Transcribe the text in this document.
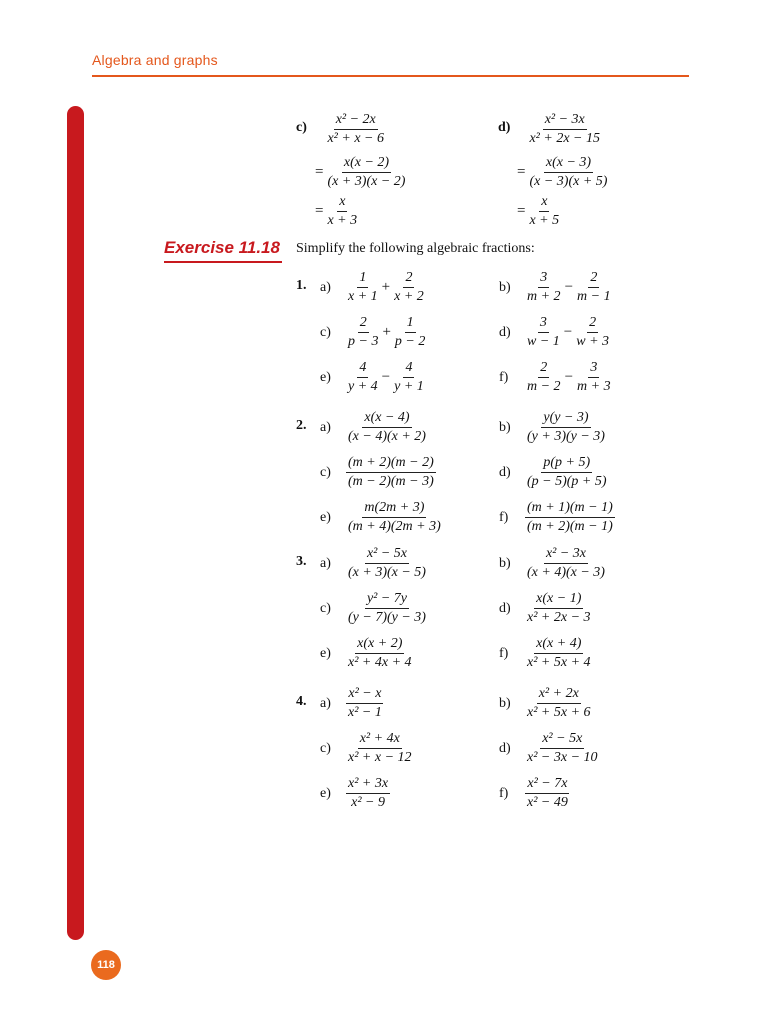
Algebra and graphs
118
$c) \frac{\text{x² − 2x}}{\text{x² + x − 6}}$
= $\frac{x(x - 2)}{(x + 3)(x - 2)}$
= $\frac{x}{x + 3}$
$d) \frac{\text{x² − 3x}}{\text{x² + 2x − 15}}$
= $\frac{x(x - 3)}{(x - 3)(x + 5)}$
= $\frac{x}{x + 5}$
Exercise 11.18 Simplify the following algebraic fractions:
1. a)	$\frac{1}{x + 1} + \frac{2}{x + 2}$	b)	$\frac{3}{m + 2} - \frac{2}{m - 1}$
c)	$\frac{2}{p - 3} + \frac{1}{p - 2}$	d)	$\frac{3}{w - 1} - \frac{2}{w + 3}$
e)	$\frac{4}{y + 4} - \frac{4}{y + 1}$	f)	$\frac{2}{m - 2} - \frac{3}{m + 3}$
2. a)	$\frac{x(x - 4)}{(x - 4)(x + 2)}$	b)	$\frac{y(y - 3)}{(y + 3)(y - 3)}$
c)	$\frac{(m + 2)(m - 2)}{(m - 2)(m - 3)}$	d)	$\frac{p(p + 5)}{(p - 5)(p + 5)}$
e)	$\frac{m(2m + 3)}{(m + 4)(2m + 3)}$	f)	$\frac{(m + 1)(m - 1)}{(m + 2)(m - 1)}$
3. a)	$\frac{\text{x² − 5x}}{(x + 3)(x - 5)}$	b)	$\frac{\text{x² − 3x}}{(x + 4)(x - 3)}$
c)	$\frac{\text{y² − 7y}}{(y - 7)(y - 3)}$	d)	$\frac{x(x - 1)}{\text{x² + 2x − 3}}$
e)	$\frac{x(x + 2)}{\text{x² + 4x + 4}}$	f)	$\frac{x(x + 4)}{\text{x² + 5x + 4}}$
4. a)	$\frac{\text{x² − x}}{\text{x² − 1}}$	b)	$\frac{\text{x² + 2x}}{\text{x² + 5x + 6}}$
c)	$\frac{\text{x² + 4x}}{\text{x² + x − 12}}$	d)	$\frac{\text{x² − 5x}}{\text{x² − 3x − 10}}$
e)	$\frac{\text{x² + 3x}}{\text{x² − 9}}$	f)	$\frac{\text{x² − 7x}}{\text{x² − 49}}$
